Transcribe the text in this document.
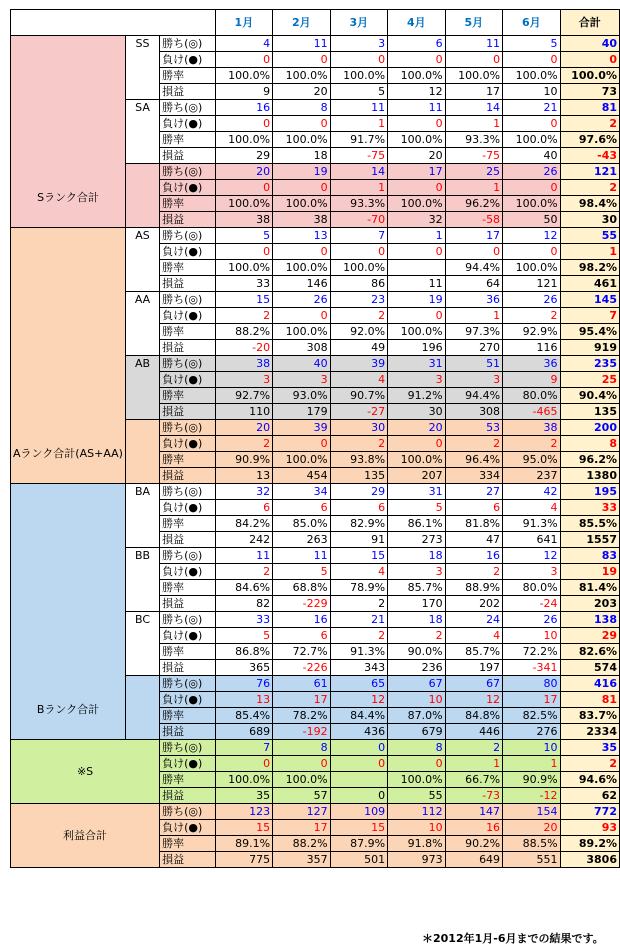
			1月	2月	3月	4月	5月	6月	合計
Sランク合計	SS	勝ち(◎)	4	11	3	6	11	5	40
		負け(●)	0	0	0	0	0	0	0
		勝率	100.0%	100.0%	100.0%	100.0%	100.0%	100.0%	100.0%
		損益	9	20	5	12	17	10	73
	SA	勝ち(◎)	16	8	11	11	14	21	81
		負け(●)	0	0	1	0	1	0	2
		勝率	100.0%	100.0%	91.7%	100.0%	93.3%	100.0%	97.6%
		損益	29	18	-75	20	-75	40	-43
		勝ち(◎)	20	19	14	17	25	26	121
		負け(●)	0	0	1	0	1	0	2
		勝率	100.0%	100.0%	93.3%	100.0%	96.2%	100.0%	98.4%
		損益	38	38	-70	32	-58	50	30
Aランク合計(AS+AA)	AS	勝ち(◎)	5	13	7	1	17	12	55
		負け(●)	0	0	0	0	0	0	1
		勝率	100.0%	100.0%	100.0%		94.4%	100.0%	98.2%
		損益	33	146	86	11	64	121	461
	AA	勝ち(◎)	15	26	23	19	36	26	145
		負け(●)	2	0	2	0	1	2	7
		勝率	88.2%	100.0%	92.0%	100.0%	97.3%	92.9%	95.4%
		損益	-20	308	49	196	270	116	919
	AB	勝ち(◎)	38	40	39	31	51	36	235
		負け(●)	3	3	4	3	3	9	25
		勝率	92.7%	93.0%	90.7%	91.2%	94.4%	80.0%	90.4%
		損益	110	179	-27	30	308	-465	135
		勝ち(◎)	20	39	30	20	53	38	200
		負け(●)	2	0	2	0	2	2	8
		勝率	90.9%	100.0%	93.8%	100.0%	96.4%	95.0%	96.2%
		損益	13	454	135	207	334	237	1380
Bランク合計	BA	勝ち(◎)	32	34	29	31	27	42	195
		負け(●)	6	6	6	5	6	4	33
		勝率	84.2%	85.0%	82.9%	86.1%	81.8%	91.3%	85.5%
		損益	242	263	91	273	47	641	1557
	BB	勝ち(◎)	11	11	15	18	16	12	83
		負け(●)	2	5	4	3	2	3	19
		勝率	84.6%	68.8%	78.9%	85.7%	88.9%	80.0%	81.4%
		損益	82	-229	2	170	202	-24	203
	BC	勝ち(◎)	33	16	21	18	24	26	138
		負け(●)	5	6	2	2	4	10	29
		勝率	86.8%	72.7%	91.3%	90.0%	85.7%	72.2%	82.6%
		損益	365	-226	343	236	197	-341	574
		勝ち(◎)	76	61	65	67	67	80	416
		負け(●)	13	17	12	10	12	17	81
		勝率	85.4%	78.2%	84.4%	87.0%	84.8%	82.5%	83.7%
		損益	689	-192	436	679	446	276	2334
※S		勝ち(◎)	7	8	0	8	2	10	35
		負け(●)	0	0	0	0	1	1	2
		勝率	100.0%	100.0%		100.0%	66.7%	90.9%	94.6%
		損益	35	57	0	55	-73	-12	62
利益合計		勝ち(◎)	123	127	109	112	147	154	772
		負け(●)	15	17	15	10	16	20	93
		勝率	89.1%	88.2%	87.9%	91.8%	90.2%	88.5%	89.2%
		損益	775	357	501	973	649	551	3806
＊2012年1月-6月までの結果です。
